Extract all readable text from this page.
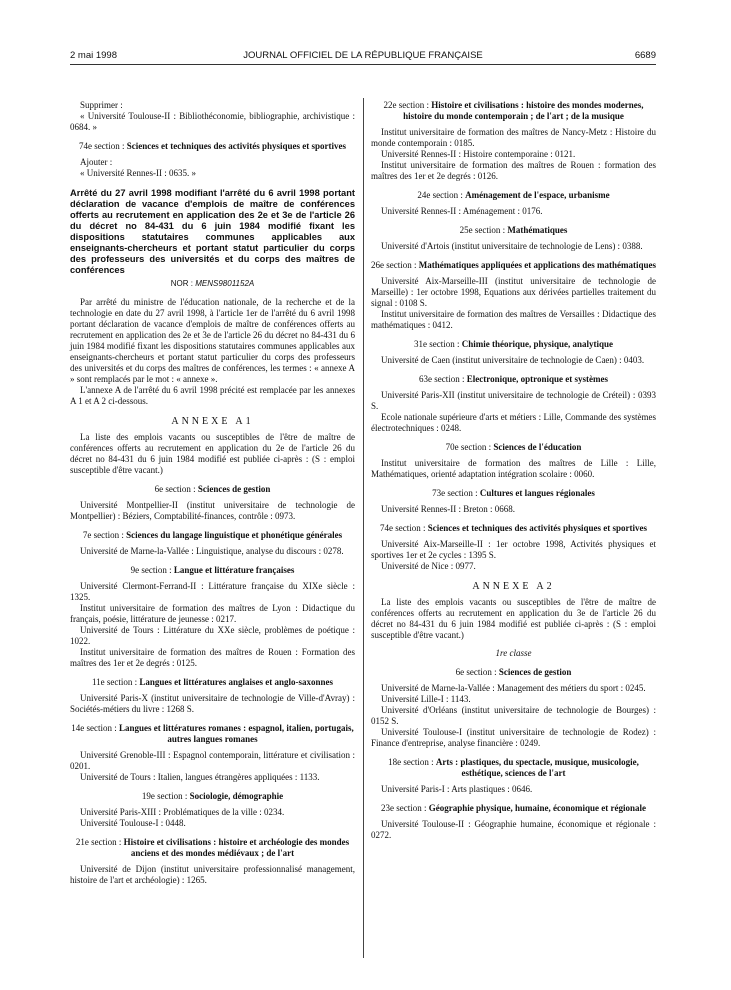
2 mai 1998	JOURNAL OFFICIEL DE LA RÉPUBLIQUE FRANÇAISE	6689

Supprimer :

« Université Toulouse-II : Bibliothéconomie, bibliographie, archivistique : 0684. »

74e section : Sciences et techniques des activités physiques et sportives

Ajouter :

« Université Rennes-II : 0635. »

Arrêté du 27 avril 1998 modifiant l'arrêté du 6 avril 1998 portant déclaration de vacance d'emplois de maître de conférences offerts au recrutement en application des 2e et 3e de l'article 26 du décret no 84-431 du 6 juin 1984 modifié fixant les dispositions statutaires communes applicables aux enseignants-chercheurs et portant statut particulier du corps des professeurs des universités et du corps des maîtres de conférences
NOR : MENS9801152A

Par arrêté du ministre de l'éducation nationale, de la recherche et de la technologie en date du 27 avril 1998, à l'article 1er de l'arrêté du 6 avril 1998 portant déclaration de vacance d'emplois de maître de conférences offerts au recrutement en application des 2e et 3e de l'article 26 du décret no 84-431 du 6 juin 1984 modifié fixant les dispositions statutaires communes applicables aux enseignants-chercheurs et portant statut particulier du corps des professeurs des universités et du corps des maîtres de conférences, les termes : « annexe A » sont remplacés par le mot : « annexe ».

L'annexe A de l'arrêté du 6 avril 1998 précité est remplacée par les annexes A 1 et A 2 ci-dessous.

ANNEXE A1

La liste des emplois vacants ou susceptibles de l'être de maître de conférences offerts au recrutement en application du 2e de l'article 26 du décret no 84-431 du 6 juin 1984 modifié est publiée ci-après : (S : emploi susceptible d'être vacant.)

6e section : Sciences de gestion

Université Montpellier-II (institut universitaire de technologie de Montpellier) : Béziers, Comptabilité-finances, contrôle : 0973.

7e section : Sciences du langage linguistique et phonétique générales

Université de Marne-la-Vallée : Linguistique, analyse du discours : 0278.

9e section : Langue et littérature françaises

Université Clermont-Ferrand-II : Littérature française du XIXe siècle : 1325.

Institut universitaire de formation des maîtres de Lyon : Didactique du français, poésie, littérature de jeunesse : 0217.

Université de Tours : Littérature du XXe siècle, problèmes de poétique : 1022.

Institut universitaire de formation des maîtres de Rouen : Formation des maîtres des 1er et 2e degrés : 0125.

11e section : Langues et littératures anglaises et anglo-saxonnes

Université Paris-X (institut universitaire de technologie de Ville-d'Avray) : Sociétés-métiers du livre : 1268 S.

14e section : Langues et littératures romanes : espagnol, italien, portugais, autres langues romanes

Université Grenoble-III : Espagnol contemporain, littérature et civilisation : 0201.

Université de Tours : Italien, langues étrangères appliquées : 1133.

19e section : Sociologie, démographie

Université Paris-XIII : Problématiques de la ville : 0234.

Université Toulouse-I : 0448.

21e section : Histoire et civilisations : histoire et archéologie des mondes anciens et des mondes médiévaux ; de l'art

Université de Dijon (institut universitaire professionnalisé management, histoire de l'art et archéologie) : 1265.

22e section : Histoire et civilisations : histoire des mondes modernes, histoire du monde contemporain ; de l'art ; de la musique

Institut universitaire de formation des maîtres de Nancy-Metz : Histoire du monde contemporain : 0185.

Université Rennes-II : Histoire contemporaine : 0121.

Institut universitaire de formation des maîtres de Rouen : formation des maîtres des 1er et 2e degrés : 0126.

24e section : Aménagement de l'espace, urbanisme

Université Rennes-II : Aménagement : 0176.

25e section : Mathématiques

Université d'Artois (institut universitaire de technologie de Lens) : 0388.

26e section : Mathématiques appliquées et applications des mathématiques

Université Aix-Marseille-III (institut universitaire de technologie de Marseille) : 1er octobre 1998, Equations aux dérivées partielles traitement du signal : 0108 S.

Institut universitaire de formation des maîtres de Versailles : Didactique des mathématiques : 0412.

31e section : Chimie théorique, physique, analytique

Université de Caen (institut universitaire de technologie de Caen) : 0403.

63e section : Electronique, optronique et systèmes

Université Paris-XII (institut universitaire de technologie de Créteil) : 0393 S.

Ecole nationale supérieure d'arts et métiers : Lille, Commande des systèmes électrotechniques : 0248.

70e section : Sciences de l'éducation

Institut universitaire de formation des maîtres de Lille : Lille, Mathématiques, orienté adaptation intégration scolaire : 0060.

73e section : Cultures et langues régionales

Université Rennes-II : Breton : 0668.

74e section : Sciences et techniques des activités physiques et sportives

Université Aix-Marseille-II : 1er octobre 1998, Activités physiques et sportives 1er et 2e cycles : 1395 S.

Université de Nice : 0977.

ANNEXE A2

La liste des emplois vacants ou susceptibles de l'être de maître de conférences offerts au recrutement en application du 3e de l'article 26 du décret no 84-431 du 6 juin 1984 modifié est publiée ci-après : (S : emploi susceptible d'être vacant.)

1re classe
6e section : Sciences de gestion

Université de Marne-la-Vallée : Management des métiers du sport : 0245.

Université Lille-I : 1143.

Université d'Orléans (institut universitaire de technologie de Bourges) : 0152 S.

Université Toulouse-I (institut universitaire de technologie de Rodez) : Finance d'entreprise, analyse financière : 0249.

18e section : Arts : plastiques, du spectacle, musique, musicologie, esthétique, sciences de l'art

Université Paris-I : Arts plastiques : 0646.

23e section : Géographie physique, humaine, économique et régionale

Université Toulouse-II : Géographie humaine, économique et régionale : 0272.
